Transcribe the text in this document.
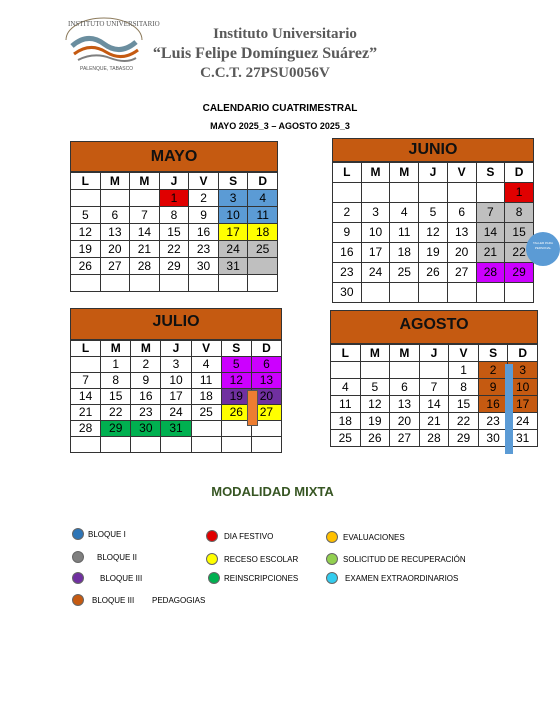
INSTITUTO UNIVERSITARIO
PALENQUE, TABASCO
Instituto Universitario
“Luis Felipe Domínguez Suárez”
C.C.T. 27PSU0056V
CALENDARIO CUATRIMESTRAL
MAYO 2025_3 – AGOSTO 2025_3
MAYO
L	M	M	J	V	S	D
			1	2	3	4
5	6	7	8	9	10	11
12	13	14	15	16	17	18
19	20	21	22	23	24	25
26	27	28	29	30	31	

JUNIO
L	M	M	J	V	S	D
						1
2	3	4	5	6	7	8
9	10	11	12	13	14	15
16	17	18	19	20	21	22
23	24	25	26	27	28	29
30						
JULIO
L	M	M	J	V	S	D
	1	2	3	4	5	6
7	8	9	10	11	12	13
14	15	16	17	18	19	20
21	22	23	24	25	26	27
28	29	30	31			

AGOSTO
L	M	M	J	V	S	D
				1	2	3
4	5	6	7	8	9	10
11	12	13	14	15	16	17
18	19	20	21	22	23	24
25	26	27	28	29	30	31
TALLER PARA PERSONAL
MODALIDAD MIXTA
BLOQUE I	DIA FESTIVO	EVALUACIONES
BLOQUE II	RECESO ESCOLAR	SOLICITUD DE RECUPERACIÓN
BLOQUE III	REINSCRIPCIONES	EXAMEN EXTRAORDINARIOS
BLOQUE III PEDAGOGIAS
